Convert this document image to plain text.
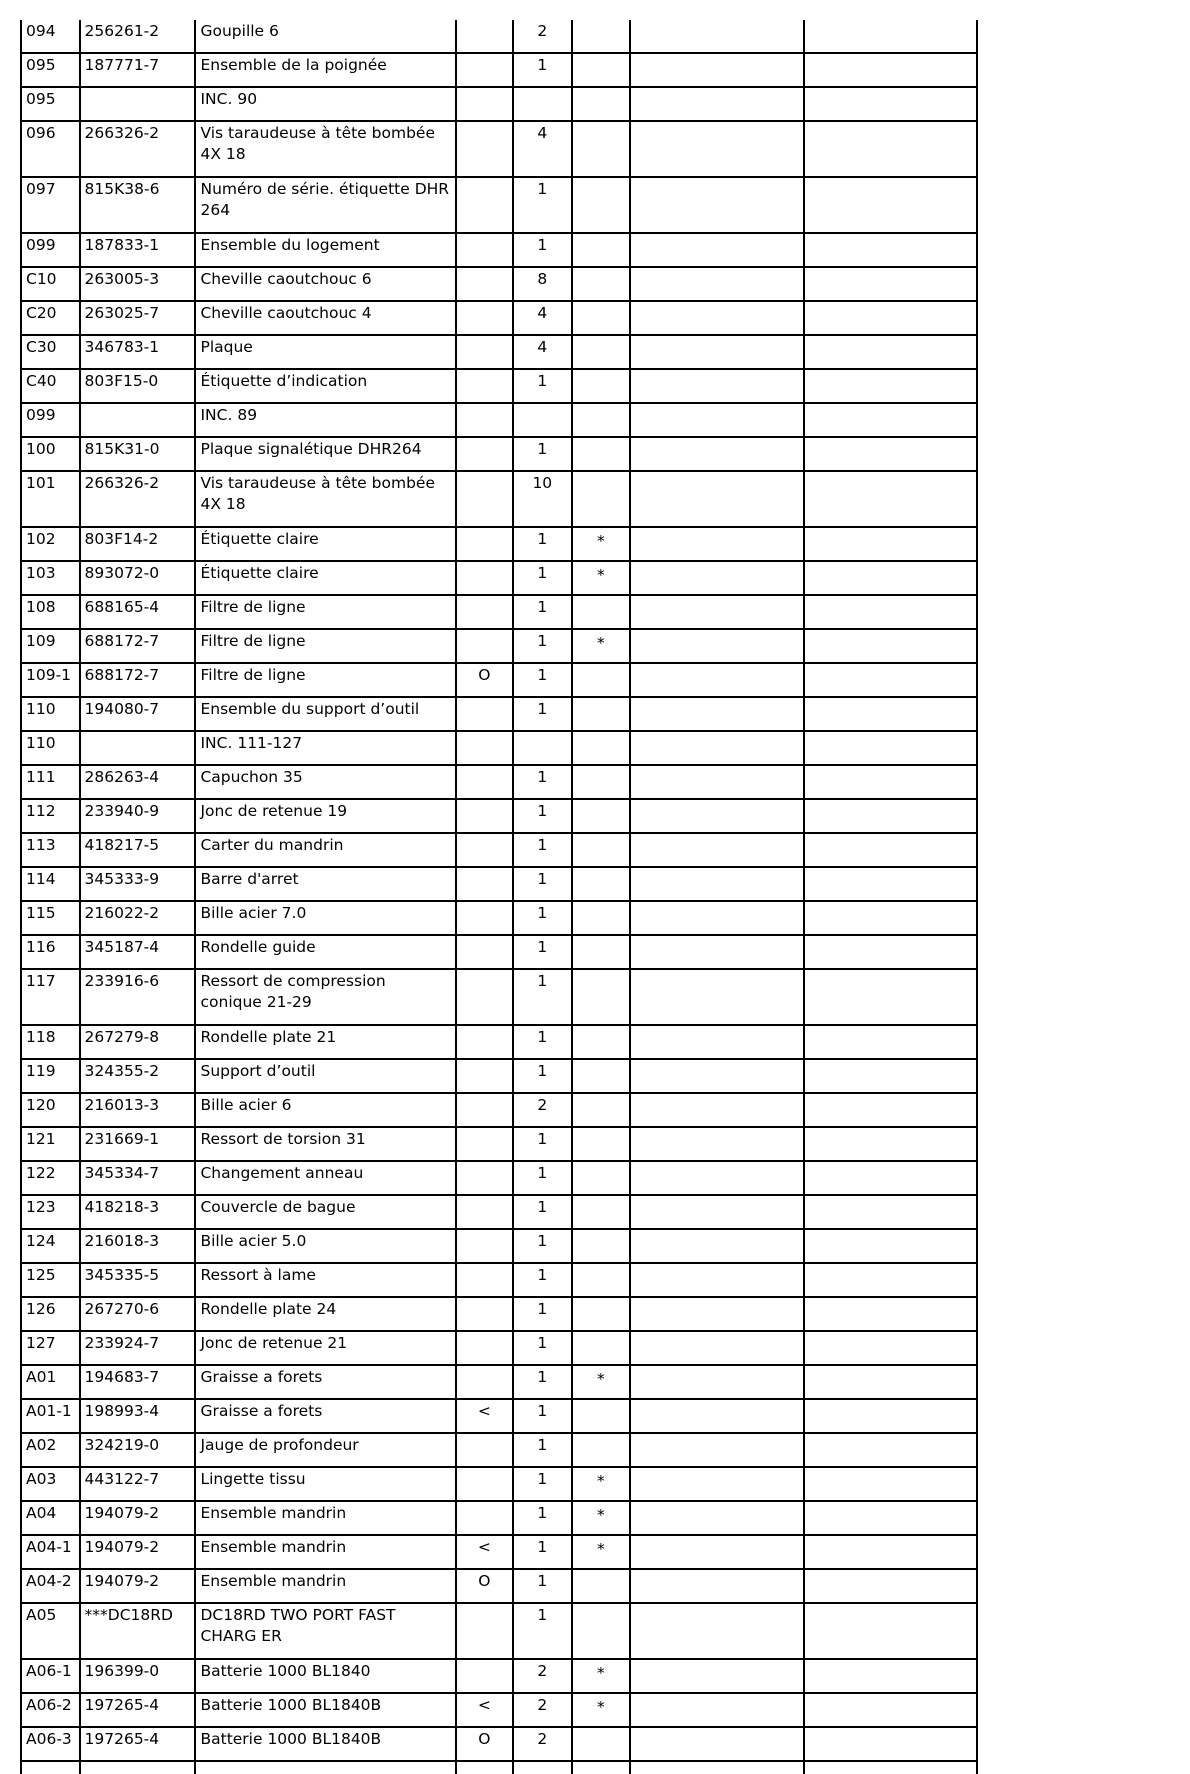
094	256261-2	Goupille 6		2			
095	187771-7	Ensemble de la poignée		1			
095		INC. 90					
096	266326-2	Vis taraudeuse à tête bombée 4X 18		4			
097	815K38-6	Numéro de série. étiquette DHR 264		1			
099	187833-1	Ensemble du logement		1			
C10	263005-3	Cheville caoutchouc 6		8			
C20	263025-7	Cheville caoutchouc 4		4			
C30	346783-1	Plaque		4			
C40	803F15-0	Étiquette d’indication		1			
099		INC. 89					
100	815K31-0	Plaque signalétique DHR264		1			
101	266326-2	Vis taraudeuse à tête bombée 4X 18		10			
102	803F14-2	Étiquette claire		1	*		
103	893072-0	Étiquette claire		1	*		
108	688165-4	Filtre de ligne		1			
109	688172-7	Filtre de ligne		1	*		
109-1	688172-7	Filtre de ligne	O	1			
110	194080-7	Ensemble du support d’outil		1			
110		INC. 111-127					
111	286263-4	Capuchon 35		1			
112	233940-9	Jonc de retenue 19		1			
113	418217-5	Carter du mandrin		1			
114	345333-9	Barre d'arret		1			
115	216022-2	Bille acier 7.0		1			
116	345187-4	Rondelle guide		1			
117	233916-6	Ressort de compression conique 21-29		1			
118	267279-8	Rondelle plate 21		1			
119	324355-2	Support d’outil		1			
120	216013-3	Bille acier 6		2			
121	231669-1	Ressort de torsion 31		1			
122	345334-7	Changement anneau		1			
123	418218-3	Couvercle de bague		1			
124	216018-3	Bille acier 5.0		1			
125	345335-5	Ressort à lame		1			
126	267270-6	Rondelle plate 24		1			
127	233924-7	Jonc de retenue 21		1			
A01	194683-7	Graisse a forets		1	*		
A01-1	198993-4	Graisse a forets	<	1			
A02	324219-0	Jauge de profondeur		1			
A03	443122-7	Lingette tissu		1	*		
A04	194079-2	Ensemble mandrin		1	*		
A04-1	194079-2	Ensemble mandrin	<	1	*		
A04-2	194079-2	Ensemble mandrin	O	1			
A05	***DC18RD	DC18RD TWO PORT FAST CHARG ER		1			
A06-1	196399-0	Batterie 1000 BL1840		2	*		
A06-2	197265-4	Batterie 1000 BL1840B	<	2	*		
A06-3	197265-4	Batterie 1000 BL1840B	O	2			
